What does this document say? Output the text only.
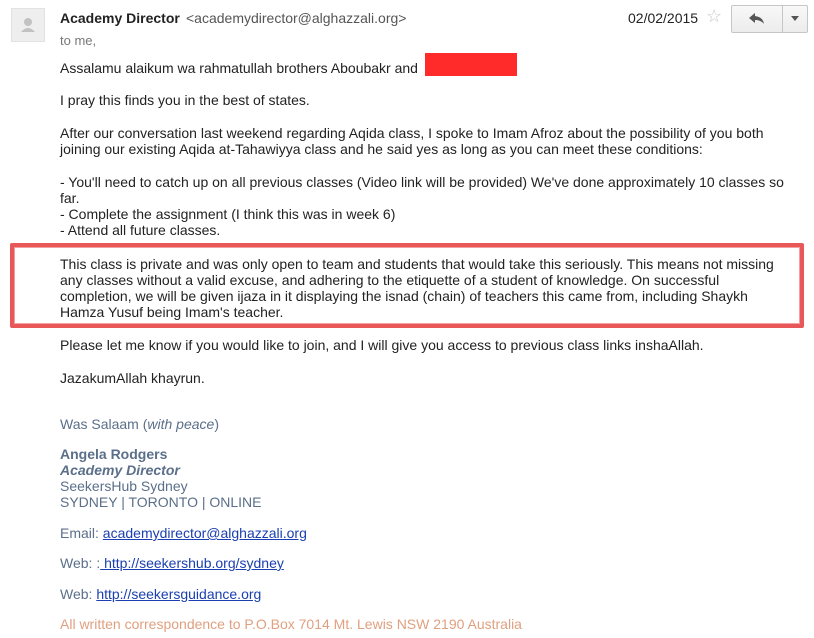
Academy Director <academydirector@alghazzali.org>	02/02/2015 ☆
to me,
Assalamu alaikum wa rahmatullah brothers Aboubakr and
I pray this finds you in the best of states.
After our conversation last weekend regarding Aqida class, I spoke to Imam Afroz about the possibility of you both
joining our existing Aqida at-Tahawiyya class and he said yes as long as you can meet these conditions:
- You'll need to catch up on all previous classes (Video link will be provided) We've done approximately 10 classes so
far.
- Complete the assignment (I think this was in week 6)
- Attend all future classes.
This class is private and was only open to team and students that would take this seriously. This means not missing
any classes without a valid excuse, and adhering to the etiquette of a student of knowledge. On successful
completion, we will be given ijaza in it displaying the isnad (chain) of teachers this came from, including Shaykh
Hamza Yusuf being Imam's teacher.
Please let me know if you would like to join, and I will give you access to previous class links inshaAllah.
JazakumAllah khayrun.
Was Salaam (with peace)
Angela Rodgers
Academy Director
SeekersHub Sydney
SYDNEY | TORONTO | ONLINE
Email: academydirector@alghazzali.org
Web: : http://seekershub.org/sydney
Web: http://seekersguidance.org
All written correspondence to P.O.Box 7014 Mt. Lewis NSW 2190 Australia
